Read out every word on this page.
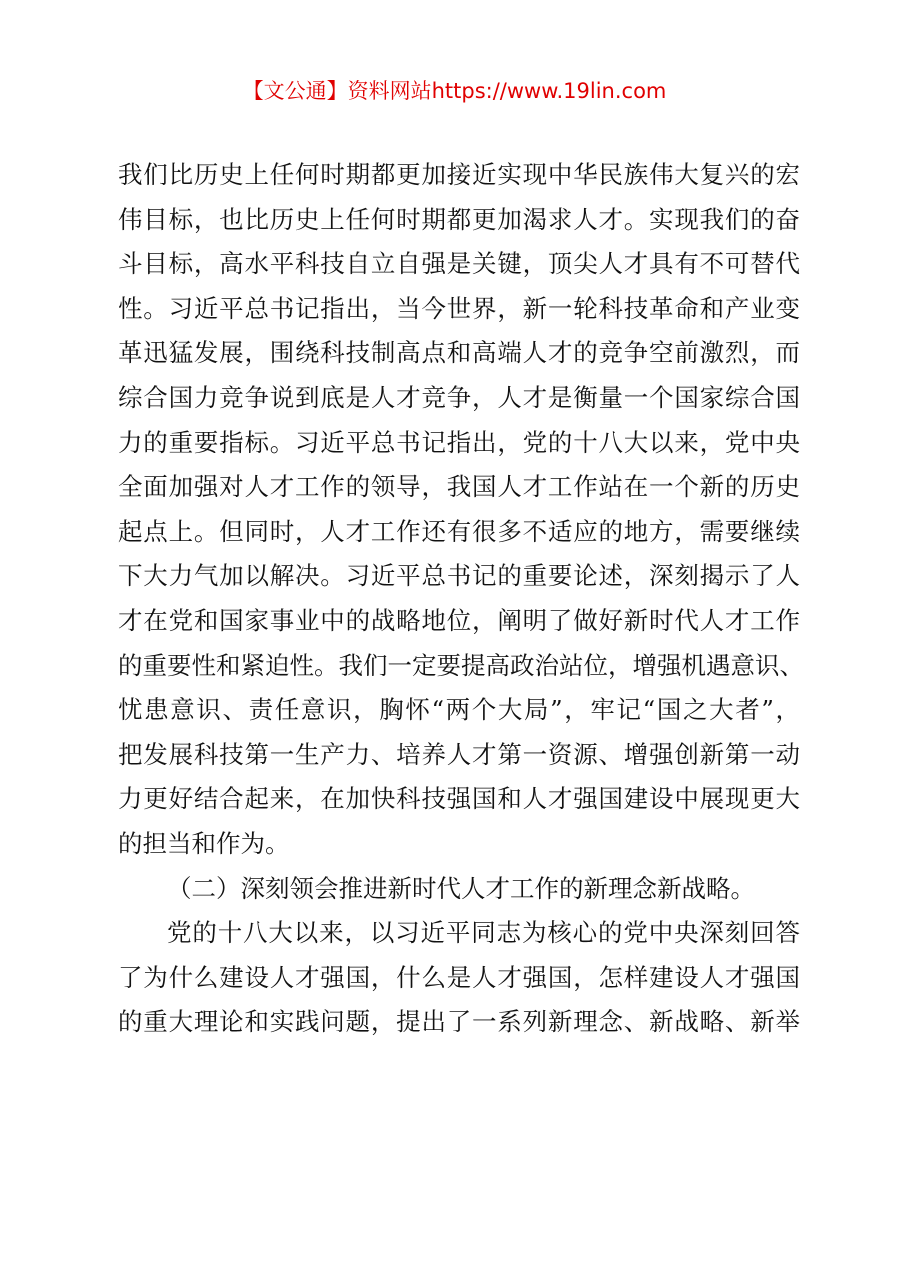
【文公通】资料网站https://www.19lin.com
我们比历史上任何时期都更加接近实现中华民族伟大复兴的宏
伟目标，也比历史上任何时期都更加渴求人才。实现我们的奋
斗目标，高水平科技自立自强是关键，顶尖人才具有不可替代
性。习近平总书记指出，当今世界，新一轮科技革命和产业变
革迅猛发展，围绕科技制高点和高端人才的竞争空前激烈，而
综合国力竞争说到底是人才竞争，人才是衡量一个国家综合国
力的重要指标。习近平总书记指出，党的十八大以来，党中央
全面加强对人才工作的领导，我国人才工作站在一个新的历史
起点上。但同时，人才工作还有很多不适应的地方，需要继续
下大力气加以解决。习近平总书记的重要论述，深刻揭示了人
才在党和国家事业中的战略地位，阐明了做好新时代人才工作
的重要性和紧迫性。我们一定要提高政治站位，增强机遇意识、
忧患意识、责任意识，胸怀“两个大局”，牢记“国之大者”，
把发展科技第一生产力、培养人才第一资源、增强创新第一动
力更好结合起来，在加快科技强国和人才强国建设中展现更大
的担当和作为。
（二）深刻领会推进新时代人才工作的新理念新战略。
党的十八大以来，以习近平同志为核心的党中央深刻回答
了为什么建设人才强国，什么是人才强国，怎样建设人才强国
的重大理论和实践问题，提出了一系列新理念、新战略、新举
